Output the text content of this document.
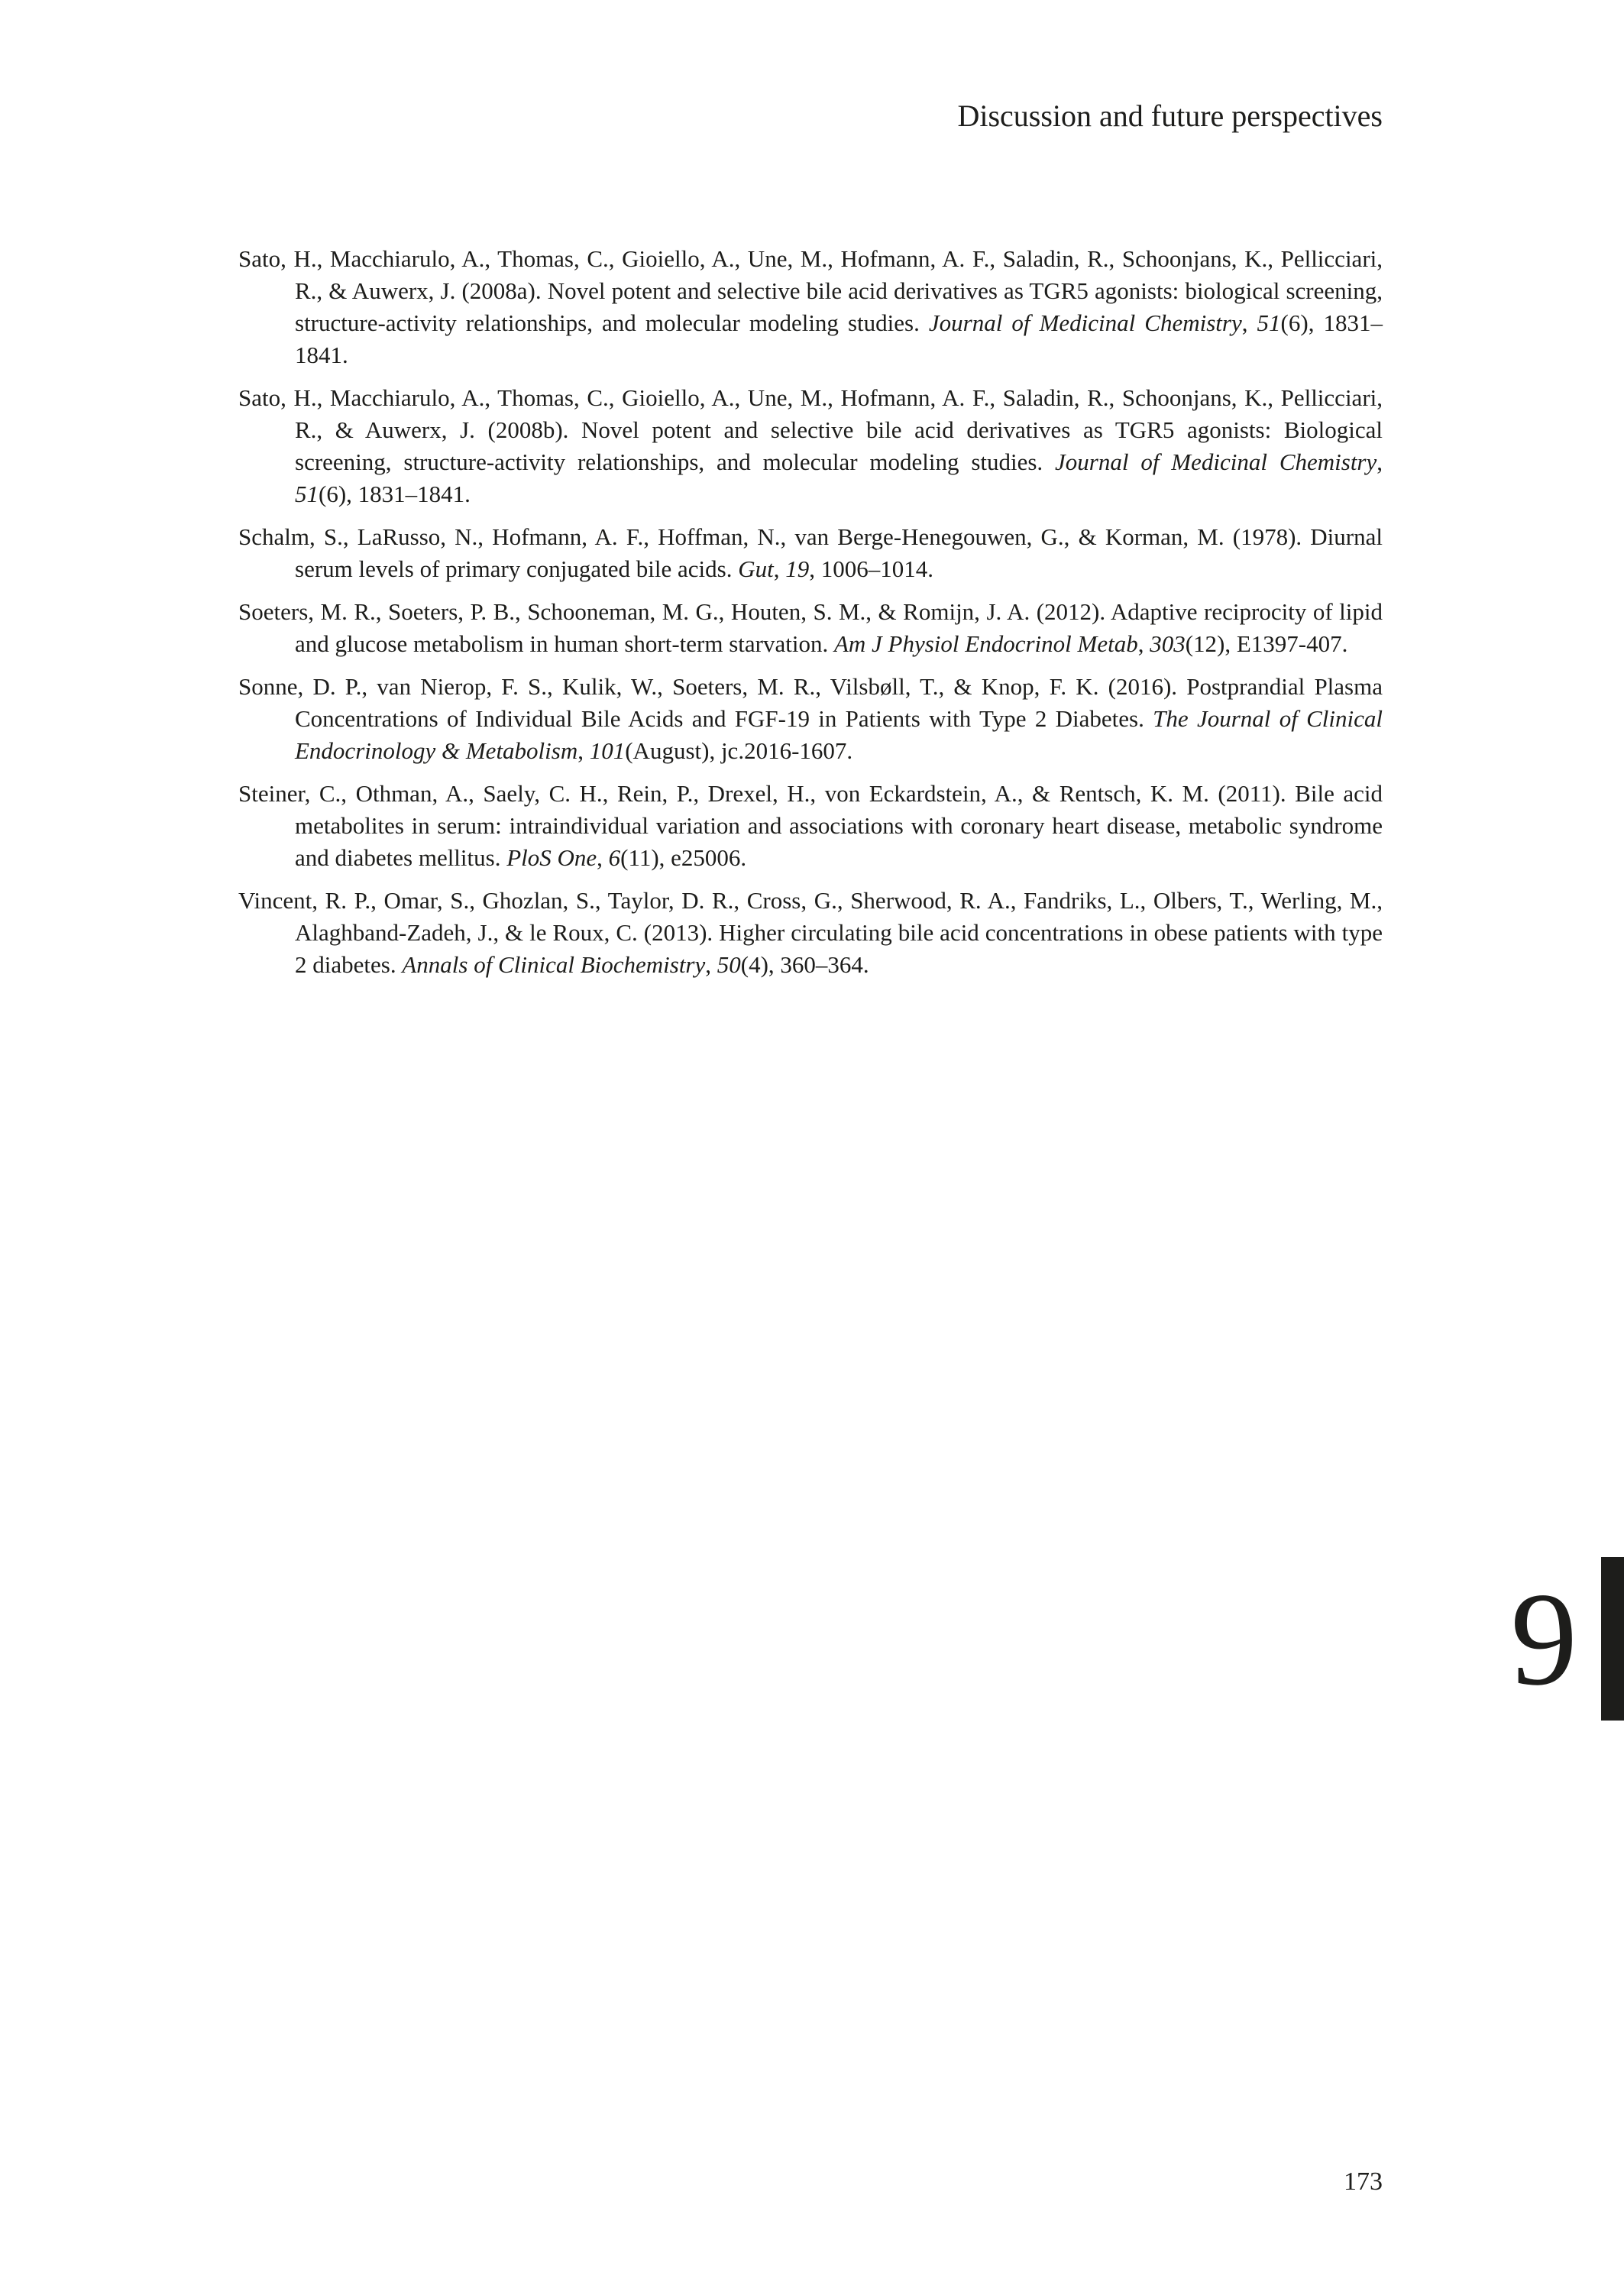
Discussion and future perspectives

Sato, H., Macchiarulo, A., Thomas, C., Gioiello, A., Une, M., Hofmann, A. F., Saladin, R., Schoonjans, K., Pellicciari, R., & Auwerx, J. (2008a). Novel potent and selective bile acid derivatives as TGR5 agonists: biological screening, structure-activity relationships, and molecular modeling studies. Journal of Medicinal Chemistry, 51(6), 1831–1841.

Sato, H., Macchiarulo, A., Thomas, C., Gioiello, A., Une, M., Hofmann, A. F., Saladin, R., Schoonjans, K., Pellicciari, R., & Auwerx, J. (2008b). Novel potent and selective bile acid derivatives as TGR5 agonists: Biological screening, structure-activity relationships, and molecular modeling studies. Journal of Medicinal Chemistry, 51(6), 1831–1841.

Schalm, S., LaRusso, N., Hofmann, A. F., Hoffman, N., van Berge-Henegouwen, G., & Korman, M. (1978). Diurnal serum levels of primary conjugated bile acids. Gut, 19, 1006–1014.

Soeters, M. R., Soeters, P. B., Schooneman, M. G., Houten, S. M., & Romijn, J. A. (2012). Adaptive reciprocity of lipid and glucose metabolism in human short-term starvation. Am J Physiol Endocrinol Metab, 303(12), E1397-407.

Sonne, D. P., van Nierop, F. S., Kulik, W., Soeters, M. R., Vilsbøll, T., & Knop, F. K. (2016). Postprandial Plasma Concentrations of Individual Bile Acids and FGF-19 in Patients with Type 2 Diabetes. The Journal of Clinical Endocrinology & Metabolism, 101(August), jc.2016-1607.

Steiner, C., Othman, A., Saely, C. H., Rein, P., Drexel, H., von Eckardstein, A., & Rentsch, K. M. (2011). Bile acid metabolites in serum: intraindividual variation and associations with coronary heart disease, metabolic syndrome and diabetes mellitus. PloS One, 6(11), e25006.

Vincent, R. P., Omar, S., Ghozlan, S., Taylor, D. R., Cross, G., Sherwood, R. A., Fandriks, L., Olbers, T., Werling, M., Alaghband-Zadeh, J., & le Roux, C. (2013). Higher circulating bile acid concentrations in obese patients with type 2 diabetes. Annals of Clinical Biochemistry, 50(4), 360–364.

9
173
